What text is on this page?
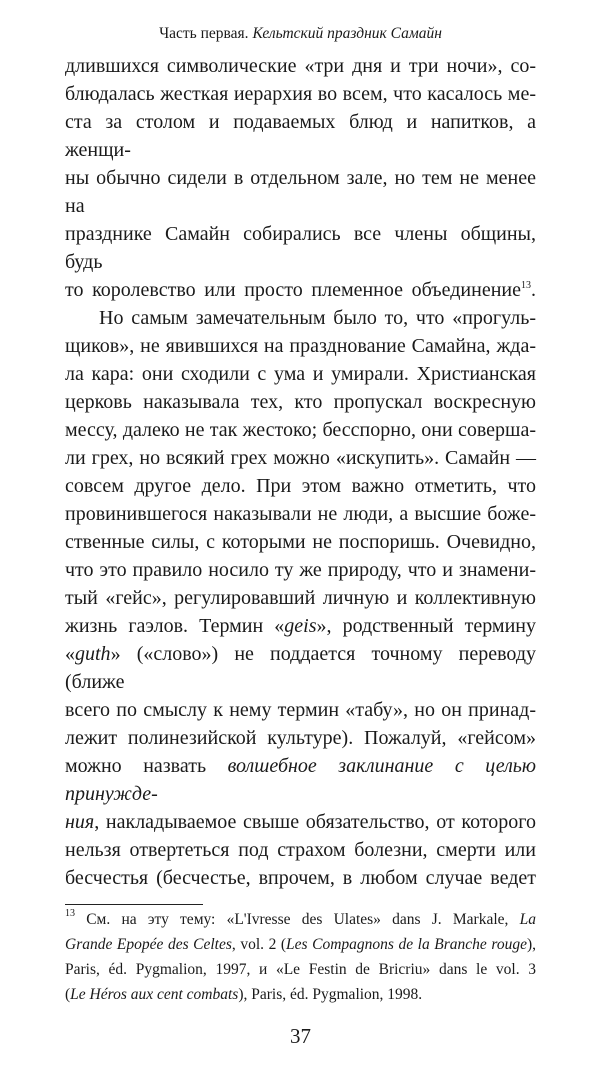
Часть первая. Кельтский праздник Самайн
длившихся символические «три дня и три ночи», со-
блюдалась жесткая иерархия во всем, что касалось ме-
ста за столом и подаваемых блюд и напитков, а женщи-
ны обычно сидели в отдельном зале, но тем не менее на
празднике Самайн собирались все члены общины, будь
то королевство или просто племенное объединение$^{13}$.
Но самым замечательным было то, что «прогуль-
щиков», не явившихся на празднование Самайна, жда-
ла кара: они сходили с ума и умирали. Христианская
церковь наказывала тех, кто пропускал воскресную
мессу, далеко не так жестоко; бесспорно, они соверша-
ли грех, но всякий грех можно «искупить». Самайн —
совсем другое дело. При этом важно отметить, что
провинившегося наказывали не люди, а высшие боже-
ственные силы, с которыми не поспоришь. Очевидно,
что это правило носило ту же природу, что и знамени-
тый «гейс», регулировавший личную и коллективную
жизнь гаэлов. Термин «geis», родственный термину
«guth» («слово») не поддается точному переводу (ближе
всего по смыслу к нему термин «табу», но он принад-
лежит полинезийской культуре). Пожалуй, «гейсом»
можно назвать волшебное заклинание с целью принужде-
ния, накладываемое свыше обязательство, от которого
нельзя отвертеться под страхом болезни, смерти или
бесчестья (бесчестье, впрочем, в любом случае ведет
$^{13}$ См. на эту тему: «L'Ivresse des Ulates» dans J. Markale, La
Grande Epopée des Celtes, vol. 2 (Les Compagnons de la Branche rouge),
Paris, éd. Pygmalion, 1997, и «Le Festin de Bricriu» dans le vol. 3
(Le Héros aux cent combats), Paris, éd. Pygmalion, 1998.
37
